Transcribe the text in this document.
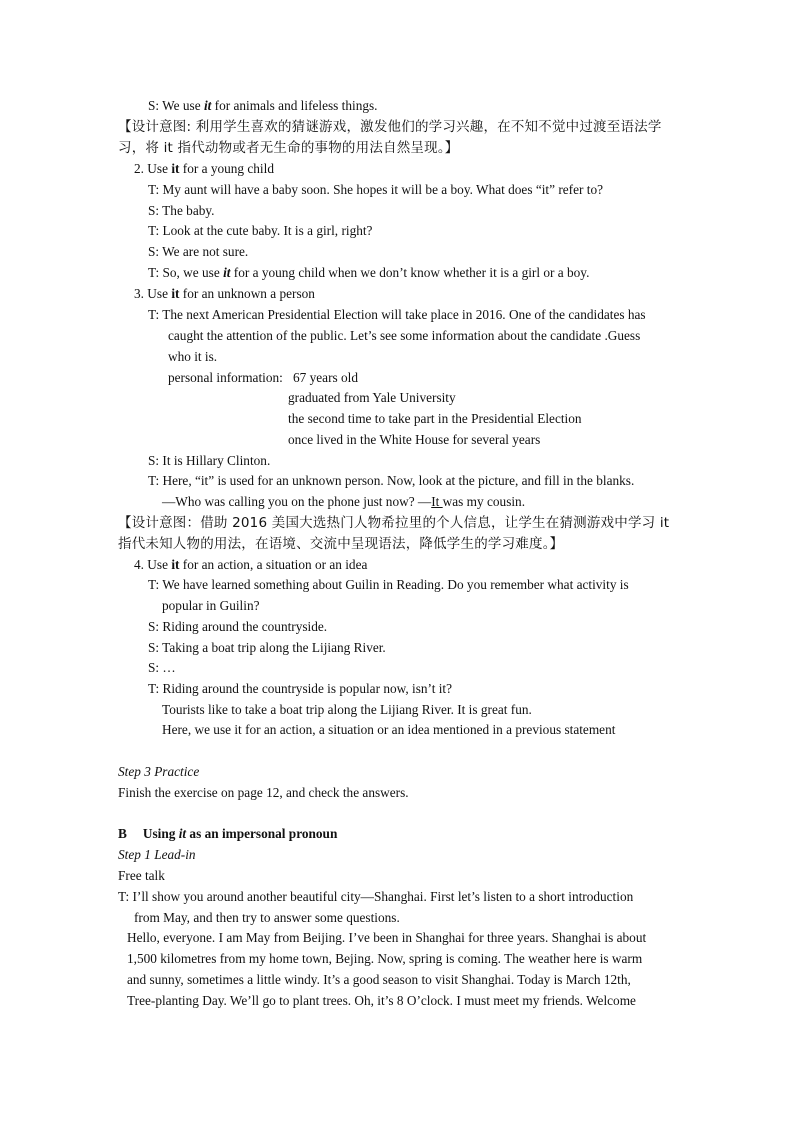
S: We use it for animals and lifeless things.
【设计意图: 利用学生喜欢的猜谜游戏，激发他们的学习兴趣，在不知不觉中过渡至语法学
习，将 it 指代动物或者无生命的事物的用法自然呈现。】
2. Use it for a young child
T: My aunt will have a baby soon. She hopes it will be a boy. What does “it” refer to?
S: The baby.
T: Look at the cute baby. It is a girl, right?
S: We are not sure.
T: So, we use it for a young child when we don’t know whether it is a girl or a boy.
3. Use it for an unknown a person
T: The next American Presidential Election will take place in 2016. One of the candidates has
caught the attention of the public. Let’s see some information about the candidate .Guess
who it is.
personal information: 67 years old
graduated from Yale University
the second time to take part in the Presidential Election
once lived in the White House for several years
S: It is Hillary Clinton.
T: Here, “it” is used for an unknown person. Now, look at the picture, and fill in the blanks.
—Who was calling you on the phone just now? —It was my cousin.
【设计意图：借助 2016 美国大选热门人物希拉里的个人信息，让学生在猜测游戏中学习 it
指代未知人物的用法，在语境、交流中呈现语法，降低学生的学习难度。】
4. Use it for an action, a situation or an idea
T: We have learned something about Guilin in Reading. Do you remember what activity is
popular in Guilin?
S: Riding around the countryside.
S: Taking a boat trip along the Lijiang River.
S: …
T: Riding around the countryside is popular now, isn’t it?
Tourists like to take a boat trip along the Lijiang River. It is great fun.
Here, we use it for an action, a situation or an idea mentioned in a previous statement
Step 3 Practice
Finish the exercise on page 12, and check the answers.
B Using it as an impersonal pronoun
Step 1 Lead-in
Free talk
T: I’ll show you around another beautiful city—Shanghai. First let’s listen to a short introduction
from May, and then try to answer some questions.
Hello, everyone. I am May from Beijing. I’ve been in Shanghai for three years. Shanghai is about
1,500 kilometres from my home town, Bejing. Now, spring is coming. The weather here is warm
and sunny, sometimes a little windy. It’s a good season to visit Shanghai. Today is March 12th,
Tree-planting Day. We’ll go to plant trees. Oh, it’s 8 O’clock. I must meet my friends. Welcome
